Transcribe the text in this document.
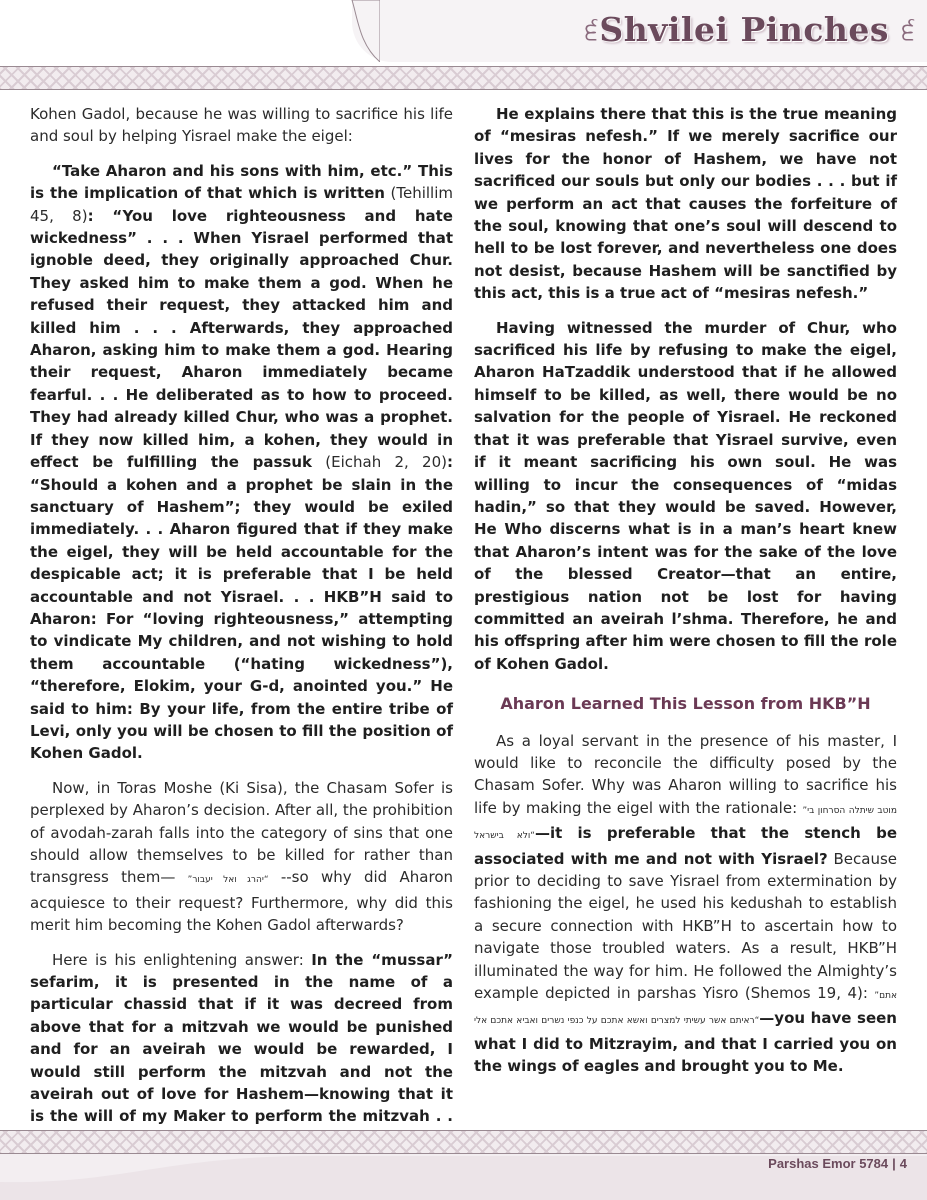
੬ Shvilei Pinches ੬

Kohen Gadol, because he was willing to sacrifice his life and soul by helping Yisrael make the eigel:

“Take Aharon and his sons with him, etc.” This is the implication of that which is written (Tehillim 45, 8): “You love righteousness and hate wickedness” . . . When Yisrael performed that ignoble deed, they originally approached Chur. They asked him to make them a god. When he refused their request, they attacked him and killed him . . . Afterwards, they approached Aharon, asking him to make them a god. Hearing their request, Aharon immediately became fearful. . . He deliberated as to how to proceed. They had already killed Chur, who was a prophet. If they now killed him, a kohen, they would in effect be fulfilling the passuk (Eichah 2, 20): “Should a kohen and a prophet be slain in the sanctuary of Hashem”; they would be exiled immediately. . . Aharon figured that if they make the eigel, they will be held accountable for the despicable act; it is preferable that I be held accountable and not Yisrael. . . HKB”H said to Aharon: For “loving righteousness,” attempting to vindicate My children, and not wishing to hold them accountable (“hating wickedness”), “therefore, Elokim, your G-d, anointed you.” He said to him: By your life, from the entire tribe of Levi, only you will be chosen to fill the position of Kohen Gadol.

Now, in Toras Moshe (Ki Sisa), the Chasam Sofer is perplexed by Aharon’s decision. After all, the prohibition of avodah-zarah falls into the category of sins that one should allow themselves to be killed for rather than transgress them— ”יהרג ואל יעבור“ --so why did Aharon acquiesce to their request? Furthermore, why did this merit him becoming the Kohen Gadol afterwards?

Here is his enlightening answer: In the “mussar” sefarim, it is presented in the name of a particular chassid that if it was decreed from above that for a mitzvah we would be punished and for an aveirah we would be rewarded, I would still perform the mitzvah and not the aveirah out of love for Hashem—knowing that it is the will of my Maker to perform the mitzvah . .

He explains there that this is the true meaning of “mesiras nefesh.” If we merely sacrifice our lives for the honor of Hashem, we have not sacrificed our souls but only our bodies . . . but if we perform an act that causes the forfeiture of the soul, knowing that one’s soul will descend to hell to be lost forever, and nevertheless one does not desist, because Hashem will be sanctified by this act, this is a true act of “mesiras nefesh.”

Having witnessed the murder of Chur, who sacrificed his life by refusing to make the eigel, Aharon HaTzaddik understood that if he allowed himself to be killed, as well, there would be no salvation for the people of Yisrael. He reckoned that it was preferable that Yisrael survive, even if it meant sacrificing his own soul. He was willing to incur the consequences of “midas hadin,” so that they would be saved. However, He Who discerns what is in a man’s heart knew that Aharon’s intent was for the sake of the love of the blessed Creator—that an entire, prestigious nation not be lost for having committed an aveirah l’shma. Therefore, he and his offspring after him were chosen to fill the role of Kohen Gadol.

Aharon Learned This Lesson from HKB”H

As a loyal servant in the presence of his master, I would like to reconcile the difficulty posed by the Chasam Sofer. Why was Aharon willing to sacrifice his life by making the eigel with the rationale: ”מוטב שיתלה הסרחון בי ולא בישראל“—it is preferable that the stench be associated with me and not with Yisrael? Because prior to deciding to save Yisrael from extermination by fashioning the eigel, he used his kedushah to establish a secure connection with HKB”H to ascertain how to navigate those troubled waters. As a result, HKB”H illuminated the way for him. He followed the Almighty’s example depicted in parshas Yisro (Shemos 19, 4): ”אתם ראיתם אשר עשיתי למצרים ואשא אתכם על כנפי נשרים ואביא אתכם אלי“—you have seen what I did to Mitzrayim, and that I carried you on the wings of eagles and brought you to Me.

Parshas Emor 5784 | 4
